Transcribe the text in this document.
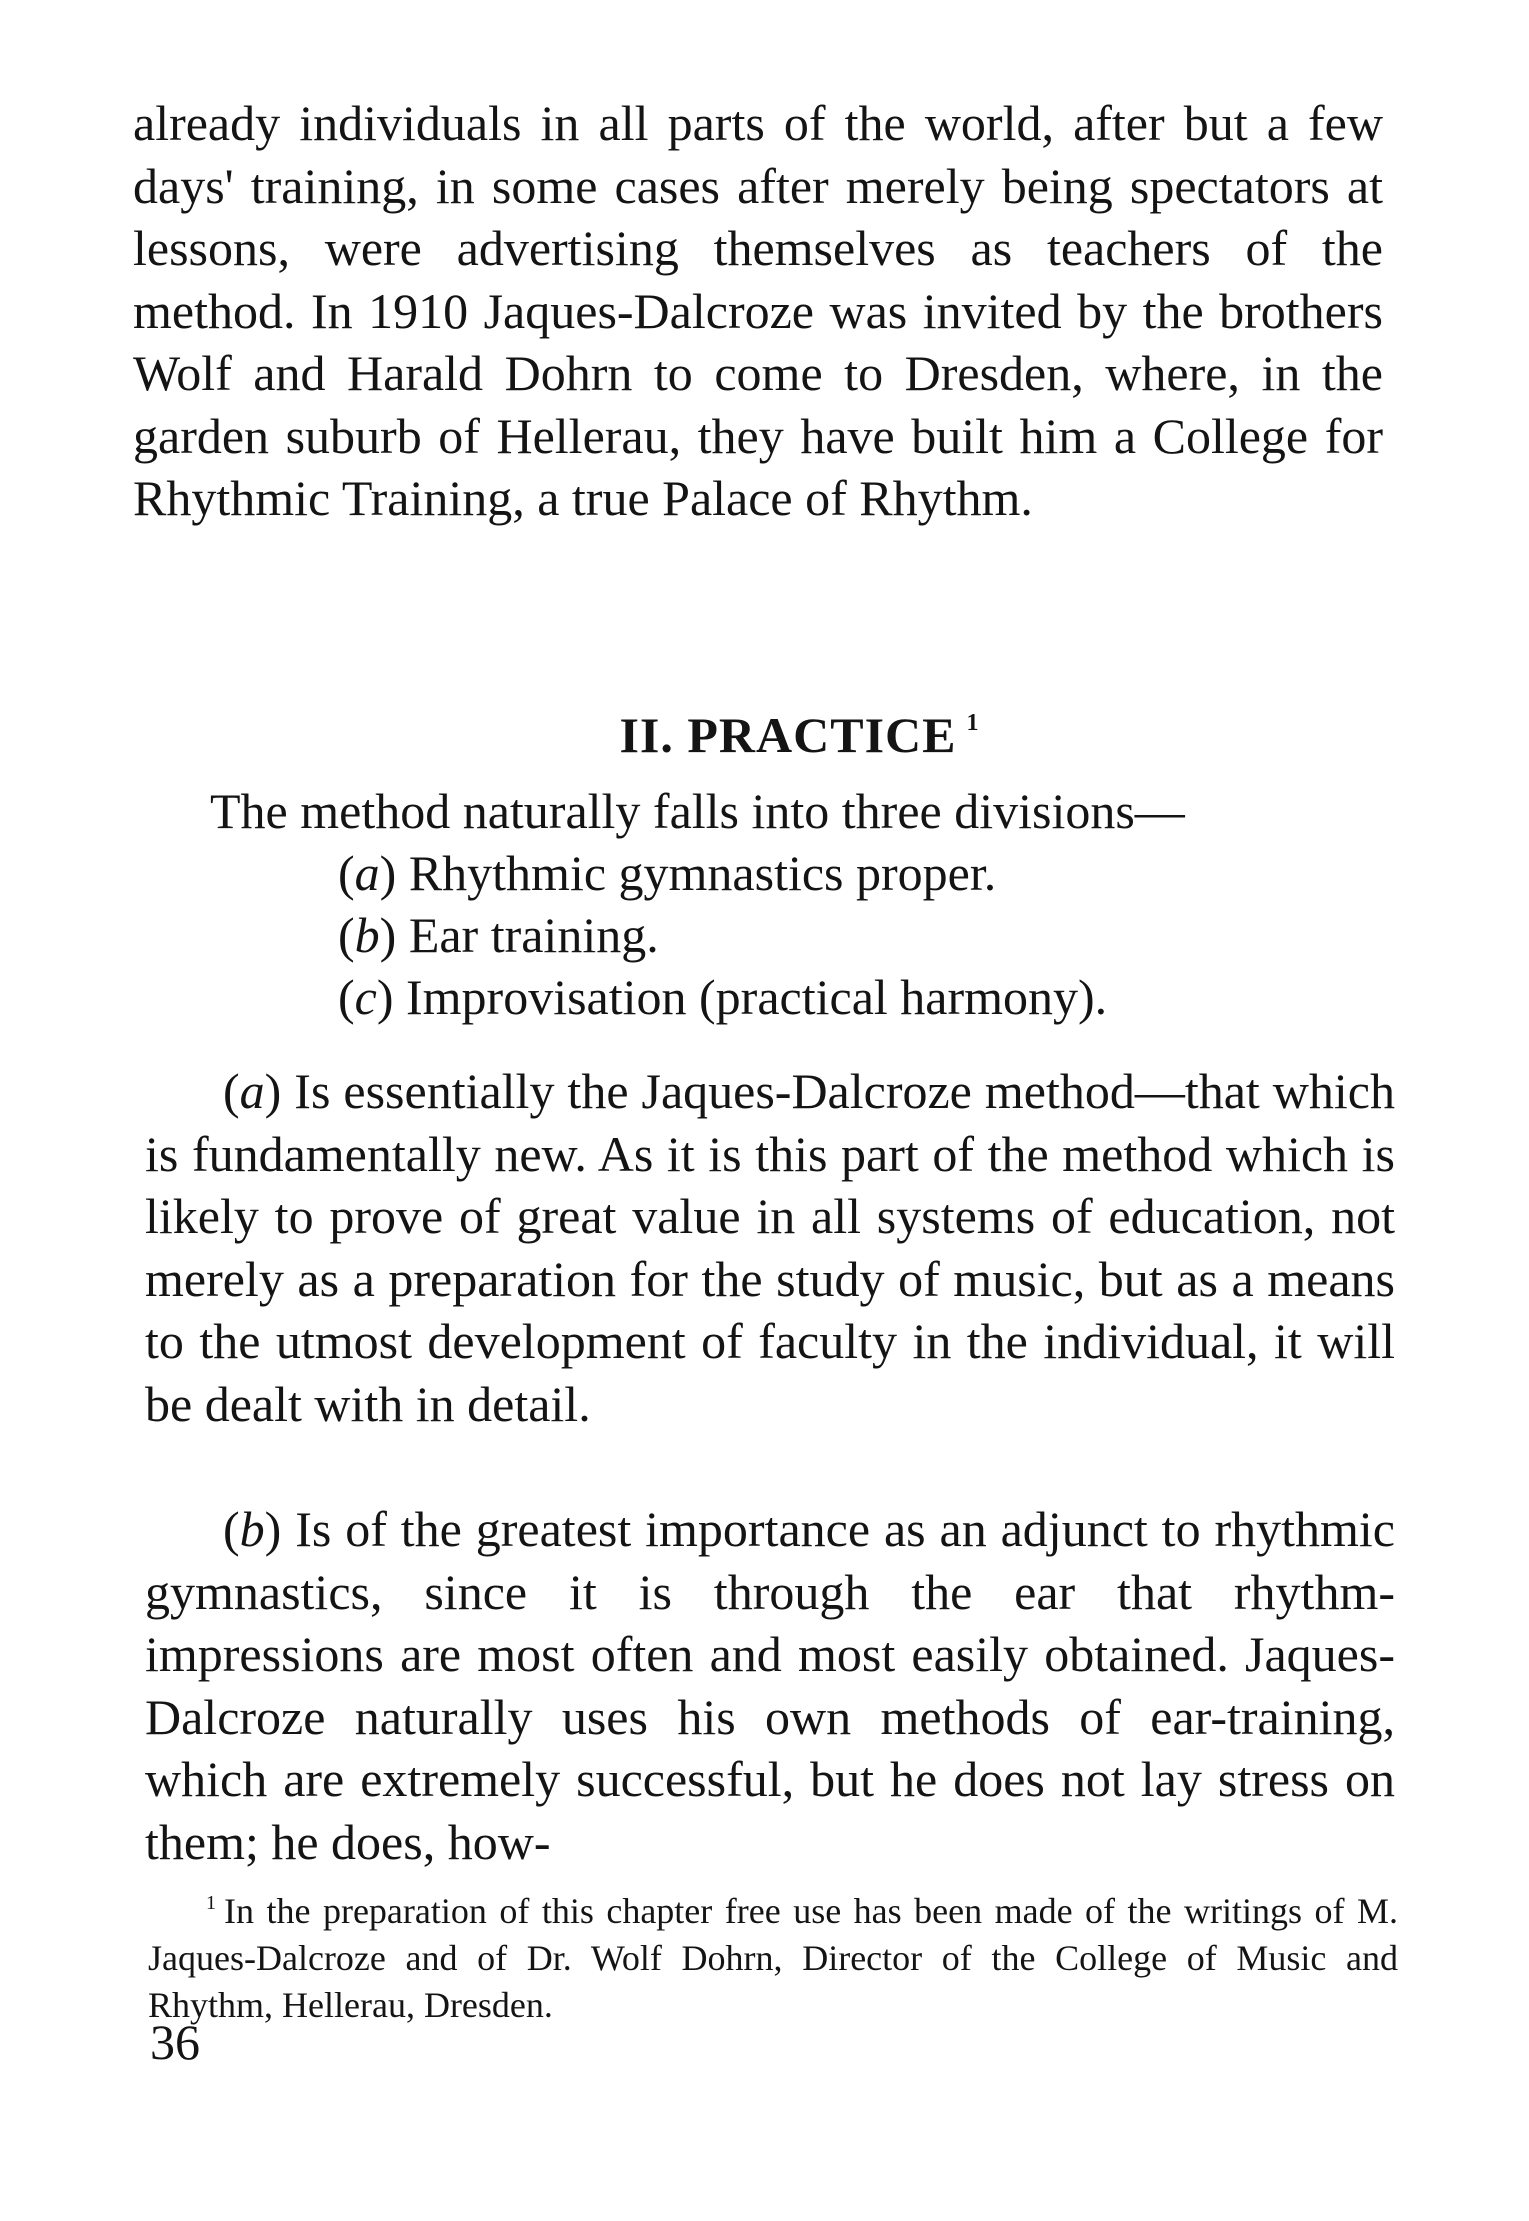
already individuals in all parts of the world, after but a few days' training, in some cases after merely being spectators at lessons, were advertising themselves as teachers of the method. In 1910 Jaques-Dalcroze was invited by the brothers Wolf and Harald Dohrn to come to Dresden, where, in the garden suburb of Hellerau, they have built him a College for Rhythmic Training, a true Palace of Rhythm.

II. PRACTICE $^1$

The method naturally falls into three divisions—

(a) Rhythmic gymnastics proper.
(b) Ear training.
(c) Improvisation (practical harmony).

(a) Is essentially the Jaques-Dalcroze method—that which is fundamentally new. As it is this part of the method which is likely to prove of great value in all systems of education, not merely as a preparation for the study of music, but as a means to the utmost development of faculty in the individual, it will be dealt with in detail.

(b) Is of the greatest importance as an adjunct to rhythmic gymnastics, since it is through the ear that rhythm-impressions are most often and most easily obtained. Jaques-Dalcroze naturally uses his own methods of ear-training, which are extremely successful, but he does not lay stress on them; he does, how-

$^1$ In the preparation of this chapter free use has been made of the writings of M. Jaques-Dalcroze and of Dr. Wolf Dohrn, Director of the College of Music and Rhythm, Hellerau, Dresden.

36
